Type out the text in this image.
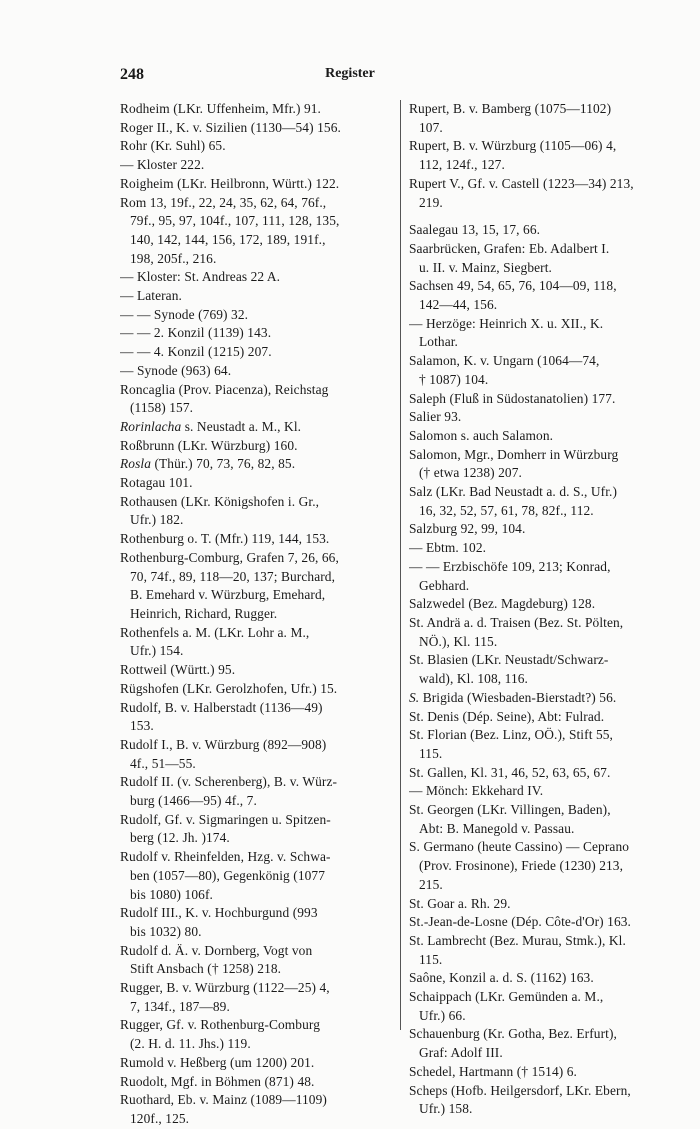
248	Register

Rodheim (LKr. Uffenheim, Mfr.) 91.

Roger II., K. v. Sizilien (1130—54) 156.

Rohr (Kr. Suhl) 65.

— Kloster 222.

Roigheim (LKr. Heilbronn, Württ.) 122.

Rom 13, 19f., 22, 24, 35, 62, 64, 76f.,
79f., 95, 97, 104f., 107, 111, 128, 135,
140, 142, 144, 156, 172, 189, 191f.,
198, 205f., 216.

— Kloster: St. Andreas 22 A.

— Lateran.

— — Synode (769) 32.

— — 2. Konzil (1139) 143.

— — 4. Konzil (1215) 207.

— Synode (963) 64.

Roncaglia (Prov. Piacenza), Reichstag
(1158) 157.

Rorinlacha s. Neustadt a. M., Kl.

Roßbrunn (LKr. Würzburg) 160.

Rosla (Thür.) 70, 73, 76, 82, 85.

Rotagau 101.

Rothausen (LKr. Königshofen i. Gr.,
Ufr.) 182.

Rothenburg o. T. (Mfr.) 119, 144, 153.

Rothenburg-Comburg, Grafen 7, 26, 66,
70, 74f., 89, 118—20, 137; Burchard,
B. Emehard v. Würzburg, Emehard,
Heinrich, Richard, Rugger.

Rothenfels a. M. (LKr. Lohr a. M.,
Ufr.) 154.

Rottweil (Württ.) 95.

Rügshofen (LKr. Gerolzhofen, Ufr.) 15.

Rudolf, B. v. Halberstadt (1136—49)
153.

Rudolf I., B. v. Würzburg (892—908)
4f., 51—55.

Rudolf II. (v. Scherenberg), B. v. Würz-
burg (1466—95) 4f., 7.

Rudolf, Gf. v. Sigmaringen u. Spitzen-
berg (12. Jh. )174.

Rudolf v. Rheinfelden, Hzg. v. Schwa-
ben (1057—80), Gegenkönig (1077
bis 1080) 106f.

Rudolf III., K. v. Hochburgund (993
bis 1032) 80.

Rudolf d. Ä. v. Dornberg, Vogt von
Stift Ansbach († 1258) 218.

Rugger, B. v. Würzburg (1122—25) 4,
7, 134f., 187—89.

Rugger, Gf. v. Rothenburg-Comburg
(2. H. d. 11. Jhs.) 119.

Rumold v. Heßberg (um 1200) 201.

Ruodolt, Mgf. in Böhmen (871) 48.

Ruothard, Eb. v. Mainz (1089—1109)
120f., 125.

Rupert, B. v. Bamberg (1075—1102)
107.

Rupert, B. v. Würzburg (1105—06) 4,
112, 124f., 127.

Rupert V., Gf. v. Castell (1223—34) 213,
219.

Saalegau 13, 15, 17, 66.

Saarbrücken, Grafen: Eb. Adalbert I.
u. II. v. Mainz, Siegbert.

Sachsen 49, 54, 65, 76, 104—09, 118,
142—44, 156.

— Herzöge: Heinrich X. u. XII., K.
Lothar.

Salamon, K. v. Ungarn (1064—74,
† 1087) 104.

Saleph (Fluß in Südostanatolien) 177.

Salier 93.

Salomon s. auch Salamon.

Salomon, Mgr., Domherr in Würzburg
(† etwa 1238) 207.

Salz (LKr. Bad Neustadt a. d. S., Ufr.)
16, 32, 52, 57, 61, 78, 82f., 112.

Salzburg 92, 99, 104.

— Ebtm. 102.

— — Erzbischöfe 109, 213; Konrad,
Gebhard.

Salzwedel (Bez. Magdeburg) 128.

St. Andrä a. d. Traisen (Bez. St. Pölten,
NÖ.), Kl. 115.

St. Blasien (LKr. Neustadt/Schwarz-
wald), Kl. 108, 116.

S. Brigida (Wiesbaden-Bierstadt?) 56.

St. Denis (Dép. Seine), Abt: Fulrad.

St. Florian (Bez. Linz, OÖ.), Stift 55,
115.

St. Gallen, Kl. 31, 46, 52, 63, 65, 67.

— Mönch: Ekkehard IV.

St. Georgen (LKr. Villingen, Baden),
Abt: B. Manegold v. Passau.

S. Germano (heute Cassino) — Ceprano
(Prov. Frosinone), Friede (1230) 213,
215.

St. Goar a. Rh. 29.

St.-Jean-de-Losne (Dép. Côte-d'Or) 163.

St. Lambrecht (Bez. Murau, Stmk.), Kl.
115.

Saône, Konzil a. d. S. (1162) 163.

Schaippach (LKr. Gemünden a. M.,
Ufr.) 66.

Schauenburg (Kr. Gotha, Bez. Erfurt),
Graf: Adolf III.

Schedel, Hartmann († 1514) 6.

Scheps (Hofb. Heilgersdorf, LKr. Ebern,
Ufr.) 158.
